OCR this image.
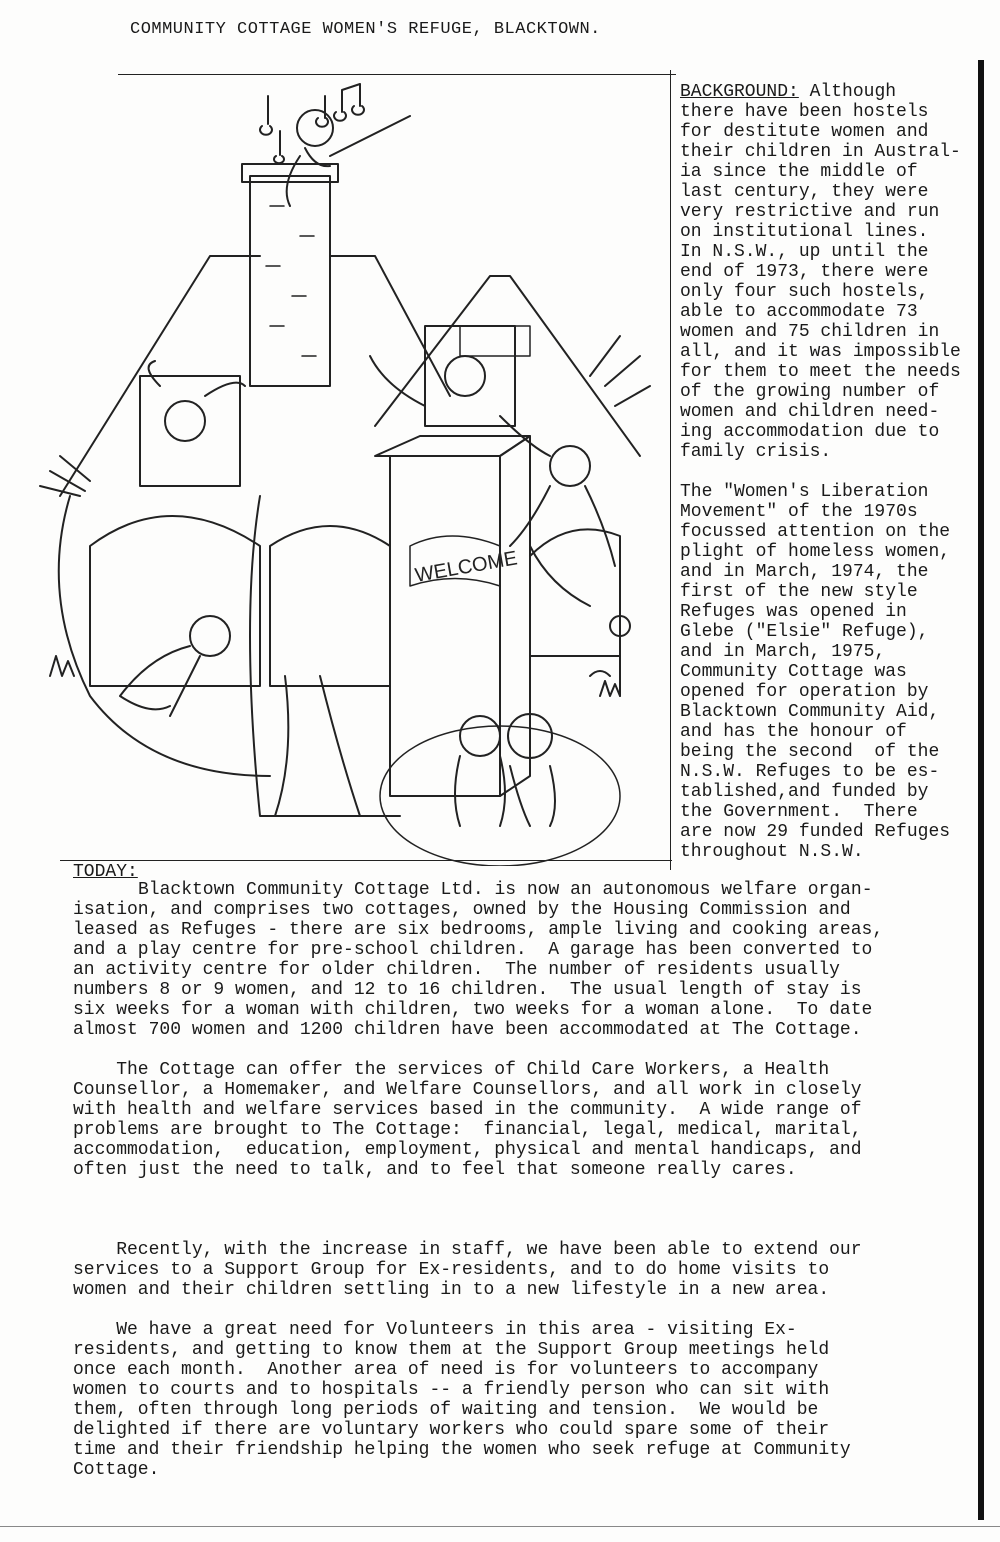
COMMUNITY COTTAGE WOMEN'S REFUGE, BLACKTOWN.
WELCOME
BACKGROUND: Although
there have been hostels
for destitute women and
their children in Austral-
ia since the middle of
last century, they were
very restrictive and run
on institutional lines.
In N.S.W., up until the
end of 1973, there were
only four such hostels,
able to accommodate 73
women and 75 children in
all, and it was impossible
for them to meet the needs
of the growing number of
women and children need-
ing accommodation due to
family crisis.
The "Women's Liberation
Movement" of the 1970s
focussed attention on the
plight of homeless women,
and in March, 1974, the
first of the new style
Refuges was opened in
Glebe ("Elsie" Refuge),
and in March, 1975,
Community Cottage was
opened for operation by
Blacktown Community Aid,
and has the honour of
being the second  of the
N.S.W. Refuges to be es-
tablished,and funded by
the Government.  There
are now 29 funded Refuges
throughout N.S.W.
TODAY:
Blacktown Community Cottage Ltd. is now an autonomous welfare organ-
isation, and comprises two cottages, owned by the Housing Commission and
leased as Refuges - there are six bedrooms, ample living and cooking areas,
and a play centre for pre-school children.  A garage has been converted to
an activity centre for older children.  The number of residents usually
numbers 8 or 9 women, and 12 to 16 children.  The usual length of stay is
six weeks for a woman with children, two weeks for a woman alone.  To date
almost 700 women and 1200 children have been accommodated at The Cottage.
The Cottage can offer the services of Child Care Workers, a Health
Counsellor, a Homemaker, and Welfare Counsellors, and all work in closely
with health and welfare services based in the community.  A wide range of
problems are brought to The Cottage:  financial, legal, medical, marital,
accommodation,  education, employment, physical and mental handicaps, and
often just the need to talk, and to feel that someone really cares.
Recently, with the increase in staff, we have been able to extend our
services to a Support Group for Ex-residents, and to do home visits to
women and their children settling in to a new lifestyle in a new area.
We have a great need for Volunteers in this area - visiting Ex-
residents, and getting to know them at the Support Group meetings held
once each month.  Another area of need is for volunteers to accompany
women to courts and to hospitals -- a friendly person who can sit with
them, often through long periods of waiting and tension.  We would be
delighted if there are voluntary workers who could spare some of their
time and their friendship helping the women who seek refuge at Community
Cottage.
